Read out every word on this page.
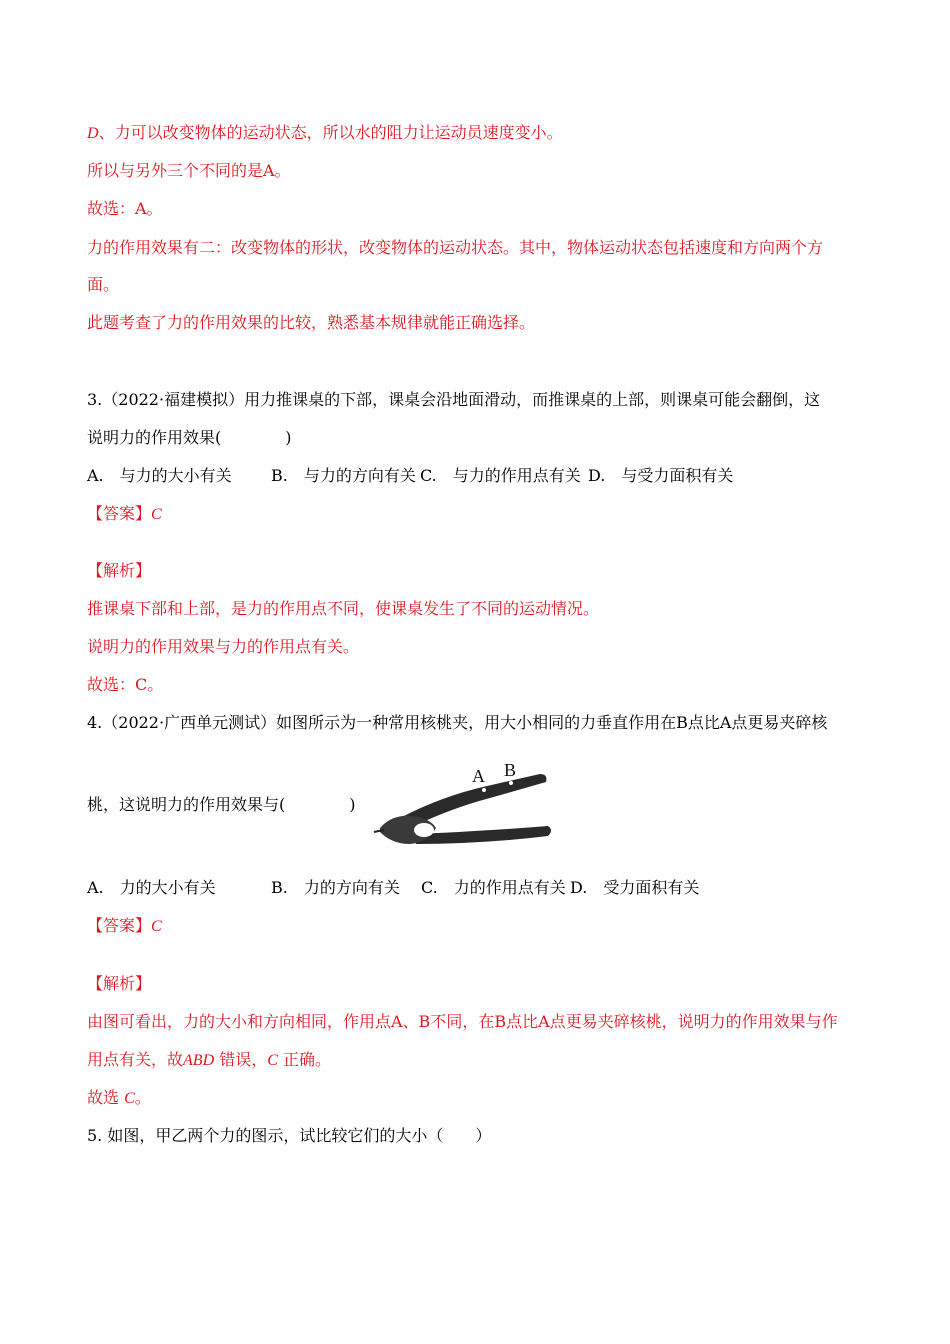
D、力可以改变物体的运动状态，所以水的阻力让运动员速度变小。
所以与另外三个不同的是A。
故选：A。
力的作用效果有二：改变物体的形状，改变物体的运动状态。其中，物体运动状态包括速度和方向两个方
面。
此题考查了力的作用效果的比较，熟悉基本规律就能正确选择。
3.（2022·福建模拟）用力推课桌的下部，课桌会沿地面滑动，而推课桌的上部，则课桌可能会翻倒，这
说明力的作用效果(　　　　)
A.　与力的大小有关 B.　与力的方向有关 C.　与力的作用点有关 D.　与受力面积有关
【答案】C
【解析】
推课桌下部和上部，是力的作用点不同，使课桌发生了不同的运动情况。
说明力的作用效果与力的作用点有关。
故选：C。
4.（2022·广西单元测试）如图所示为一种常用核桃夹，用大小相同的力垂直作用在B点比A点更易夹碎核
桃，这说明力的作用效果与(　　　　)
A B
A.　力的大小有关	B.　力的方向有关 C.　力的作用点有关 D.　受力面积有关
【答案】C
【解析】
由图可看出，力的大小和方向相同，作用点A、B不同，在B点比A点更易夹碎核桃，说明力的作用效果与作
用点有关，故ABD 错误，C 正确。
故选 C。
5. 如图，甲乙两个力的图示，试比较它们的大小（　　）
